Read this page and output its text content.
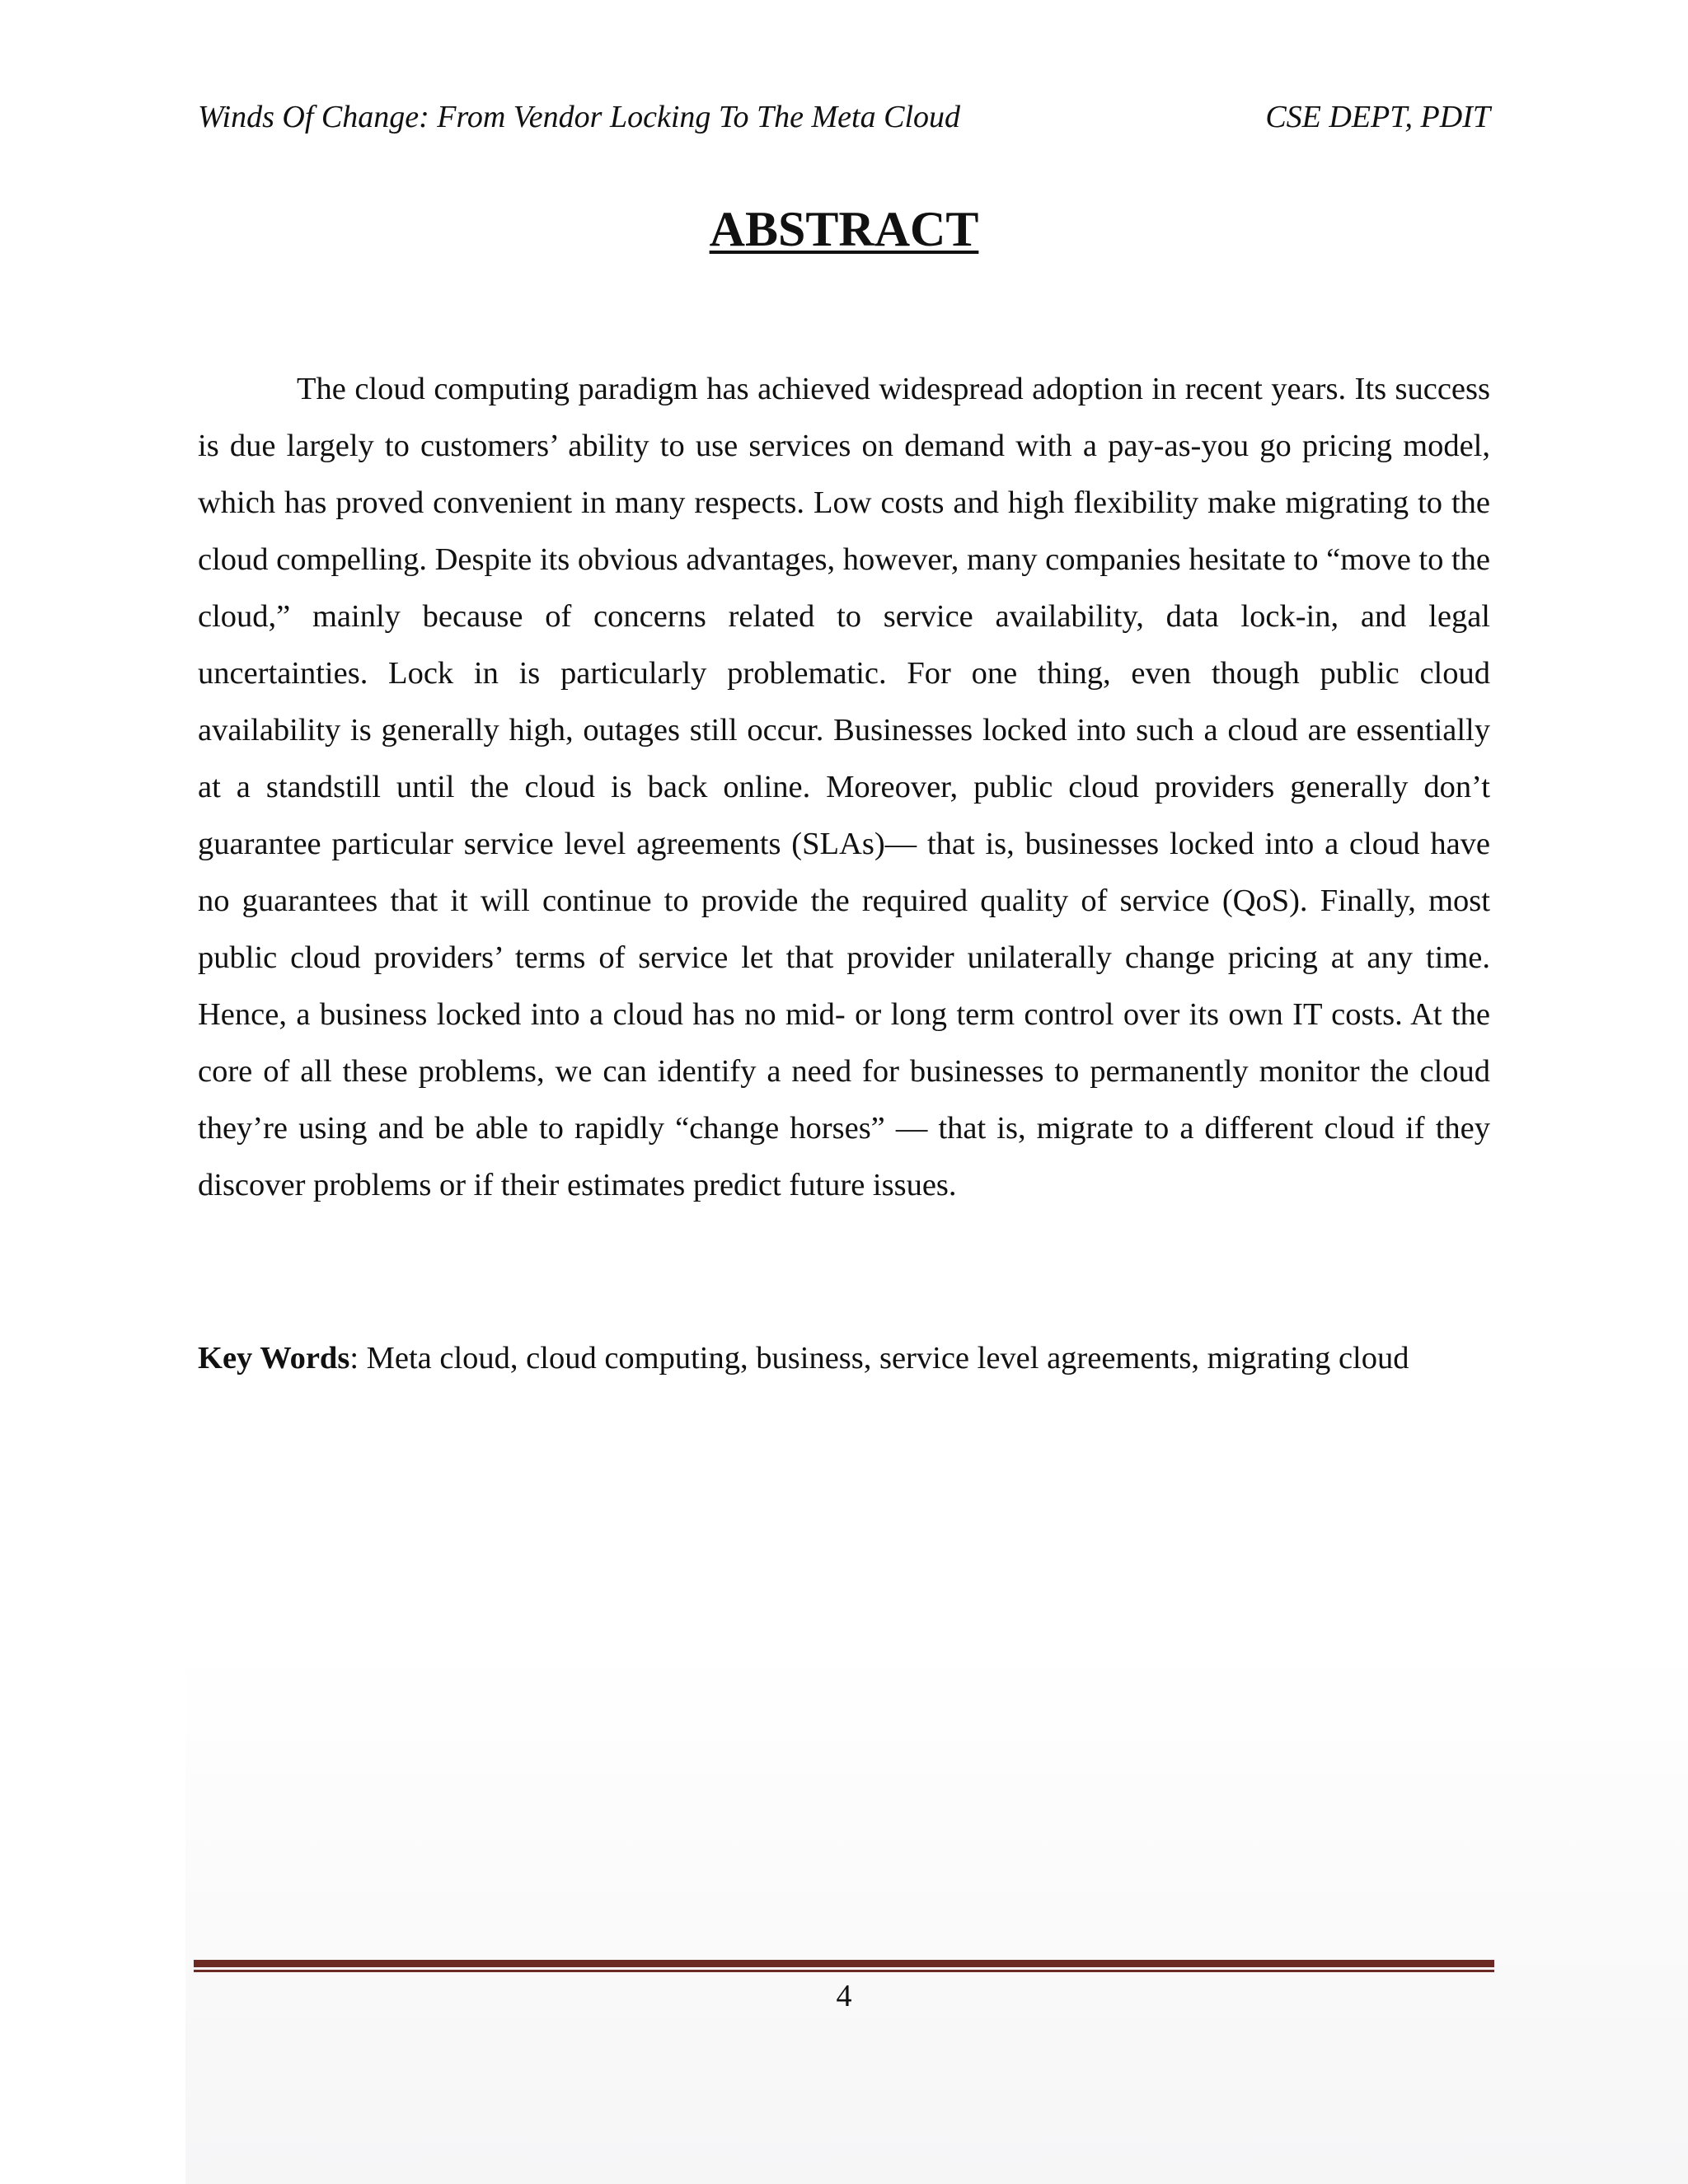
Winds Of Change: From Vendor Locking To The Meta Cloud	CSE DEPT, PDIT
ABSTRACT

The cloud computing paradigm has achieved widespread adoption in recent years. Its success is due largely to customers’ ability to use services on demand with a pay-as-you go pricing model, which has proved convenient in many respects. Low costs and high flexibility make migrating to the cloud compelling. Despite its obvious advantages, however, many companies hesitate to “move to the cloud,” mainly because of concerns related to service availability, data lock-in, and legal uncertainties. Lock in is particularly problematic. For one thing, even though public cloud availability is generally high, outages still occur. Businesses locked into such a cloud are essentially at a standstill until the cloud is back online. Moreover, public cloud providers generally don’t guarantee particular service level agreements (SLAs)— that is, businesses locked into a cloud have no guarantees that it will continue to provide the required quality of service (QoS). Finally, most public cloud providers’ terms of service let that provider unilaterally change pricing at any time. Hence, a business locked into a cloud has no mid- or long term control over its own IT costs. At the core of all these problems, we can identify a need for businesses to permanently monitor the cloud they’re using and be able to rapidly “change horses” — that is, migrate to a different cloud if they discover problems or if their estimates predict future issues.

Key Words: Meta cloud, cloud computing, business, service level agreements, migrating cloud

4
